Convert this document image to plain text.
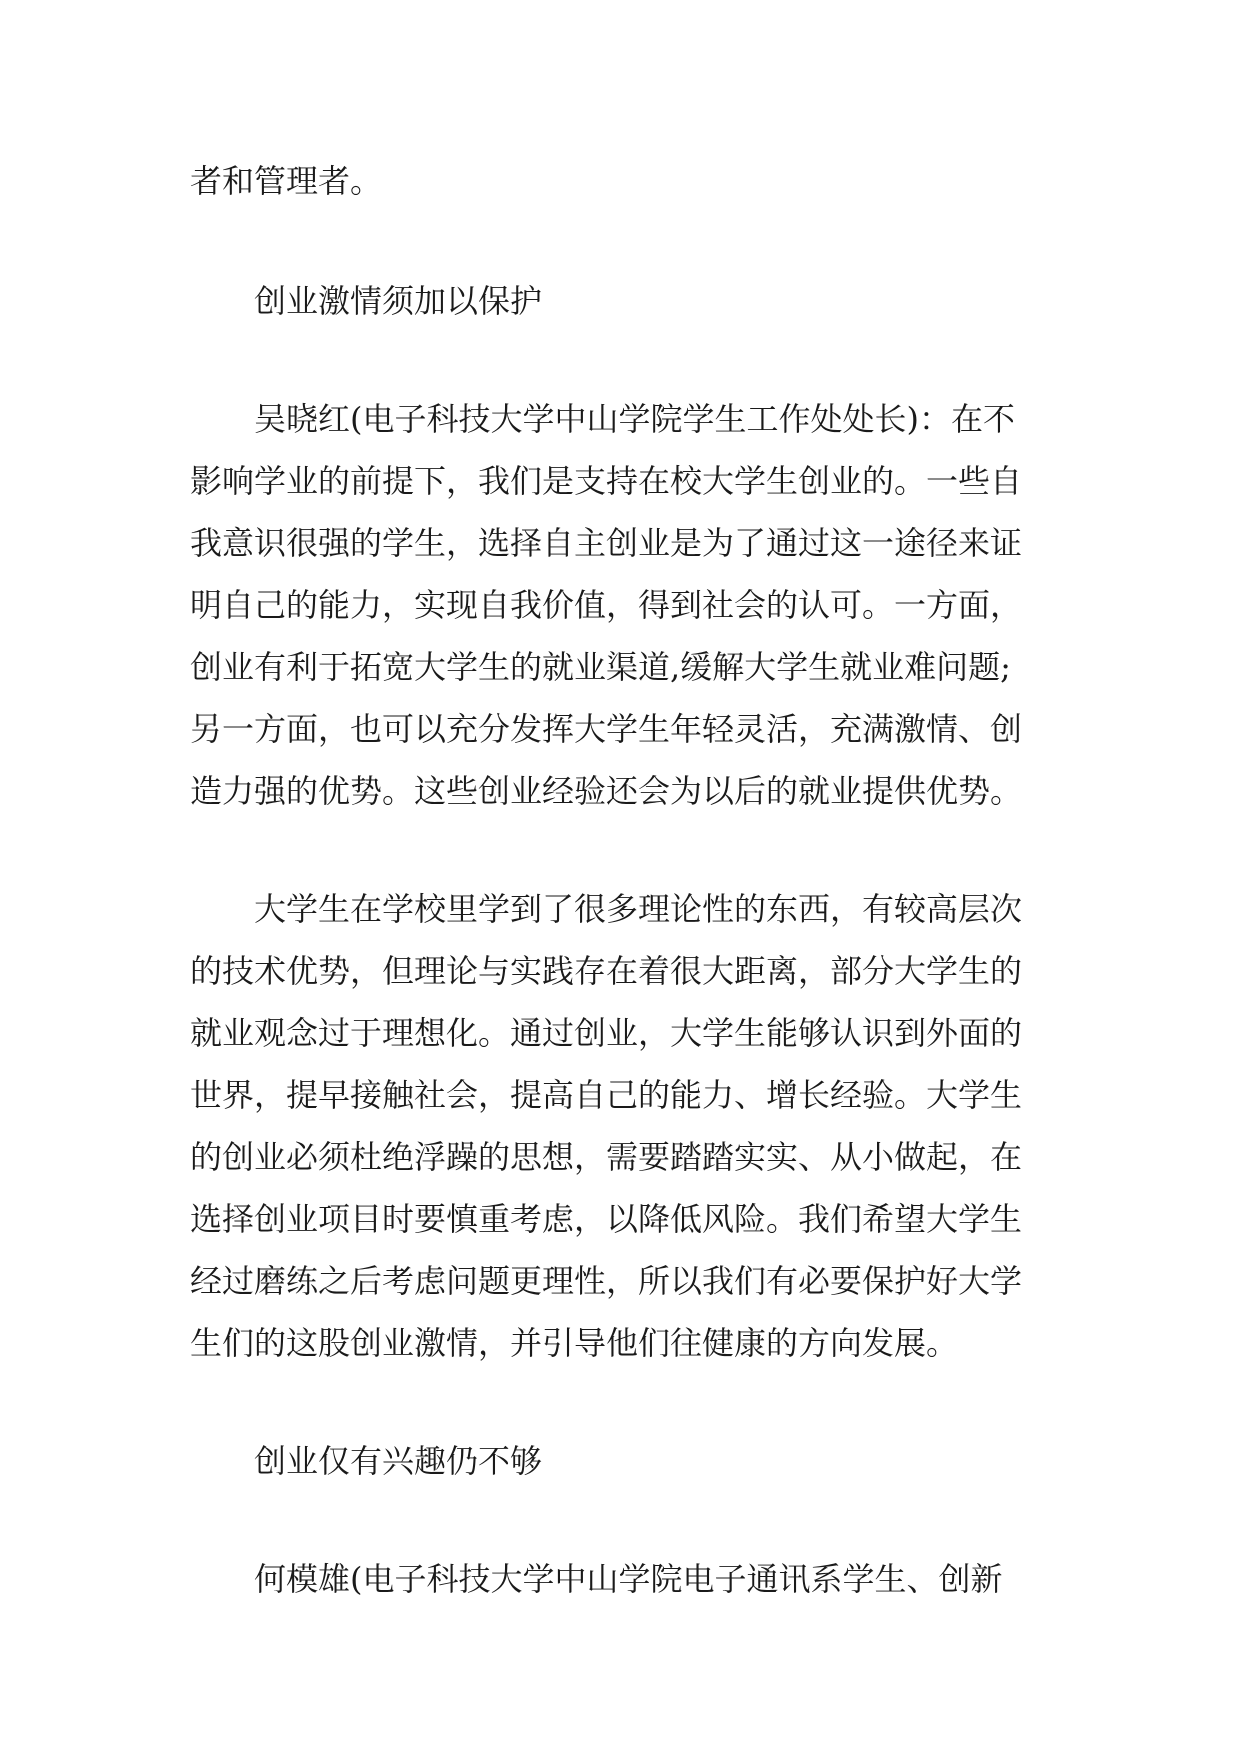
者和管理者。
创业激情须加以保护
吴晓红(电子科技大学中山学院学生工作处处长)：在不
影响学业的前提下，我们是支持在校大学生创业的。一些自
我意识很强的学生，选择自主创业是为了通过这一途径来证
明自己的能力，实现自我价值，得到社会的认可。一方面，
创业有利于拓宽大学生的就业渠道,缓解大学生就业难问题;
另一方面，也可以充分发挥大学生年轻灵活，充满激情、创
造力强的优势。这些创业经验还会为以后的就业提供优势。
大学生在学校里学到了很多理论性的东西，有较高层次
的技术优势，但理论与实践存在着很大距离，部分大学生的
就业观念过于理想化。通过创业，大学生能够认识到外面的
世界，提早接触社会，提高自己的能力、增长经验。大学生
的创业必须杜绝浮躁的思想，需要踏踏实实、从小做起，在
选择创业项目时要慎重考虑，以降低风险。我们希望大学生
经过磨练之后考虑问题更理性，所以我们有必要保护好大学
生们的这股创业激情，并引导他们往健康的方向发展。
创业仅有兴趣仍不够
何模雄(电子科技大学中山学院电子通讯系学生、创新
